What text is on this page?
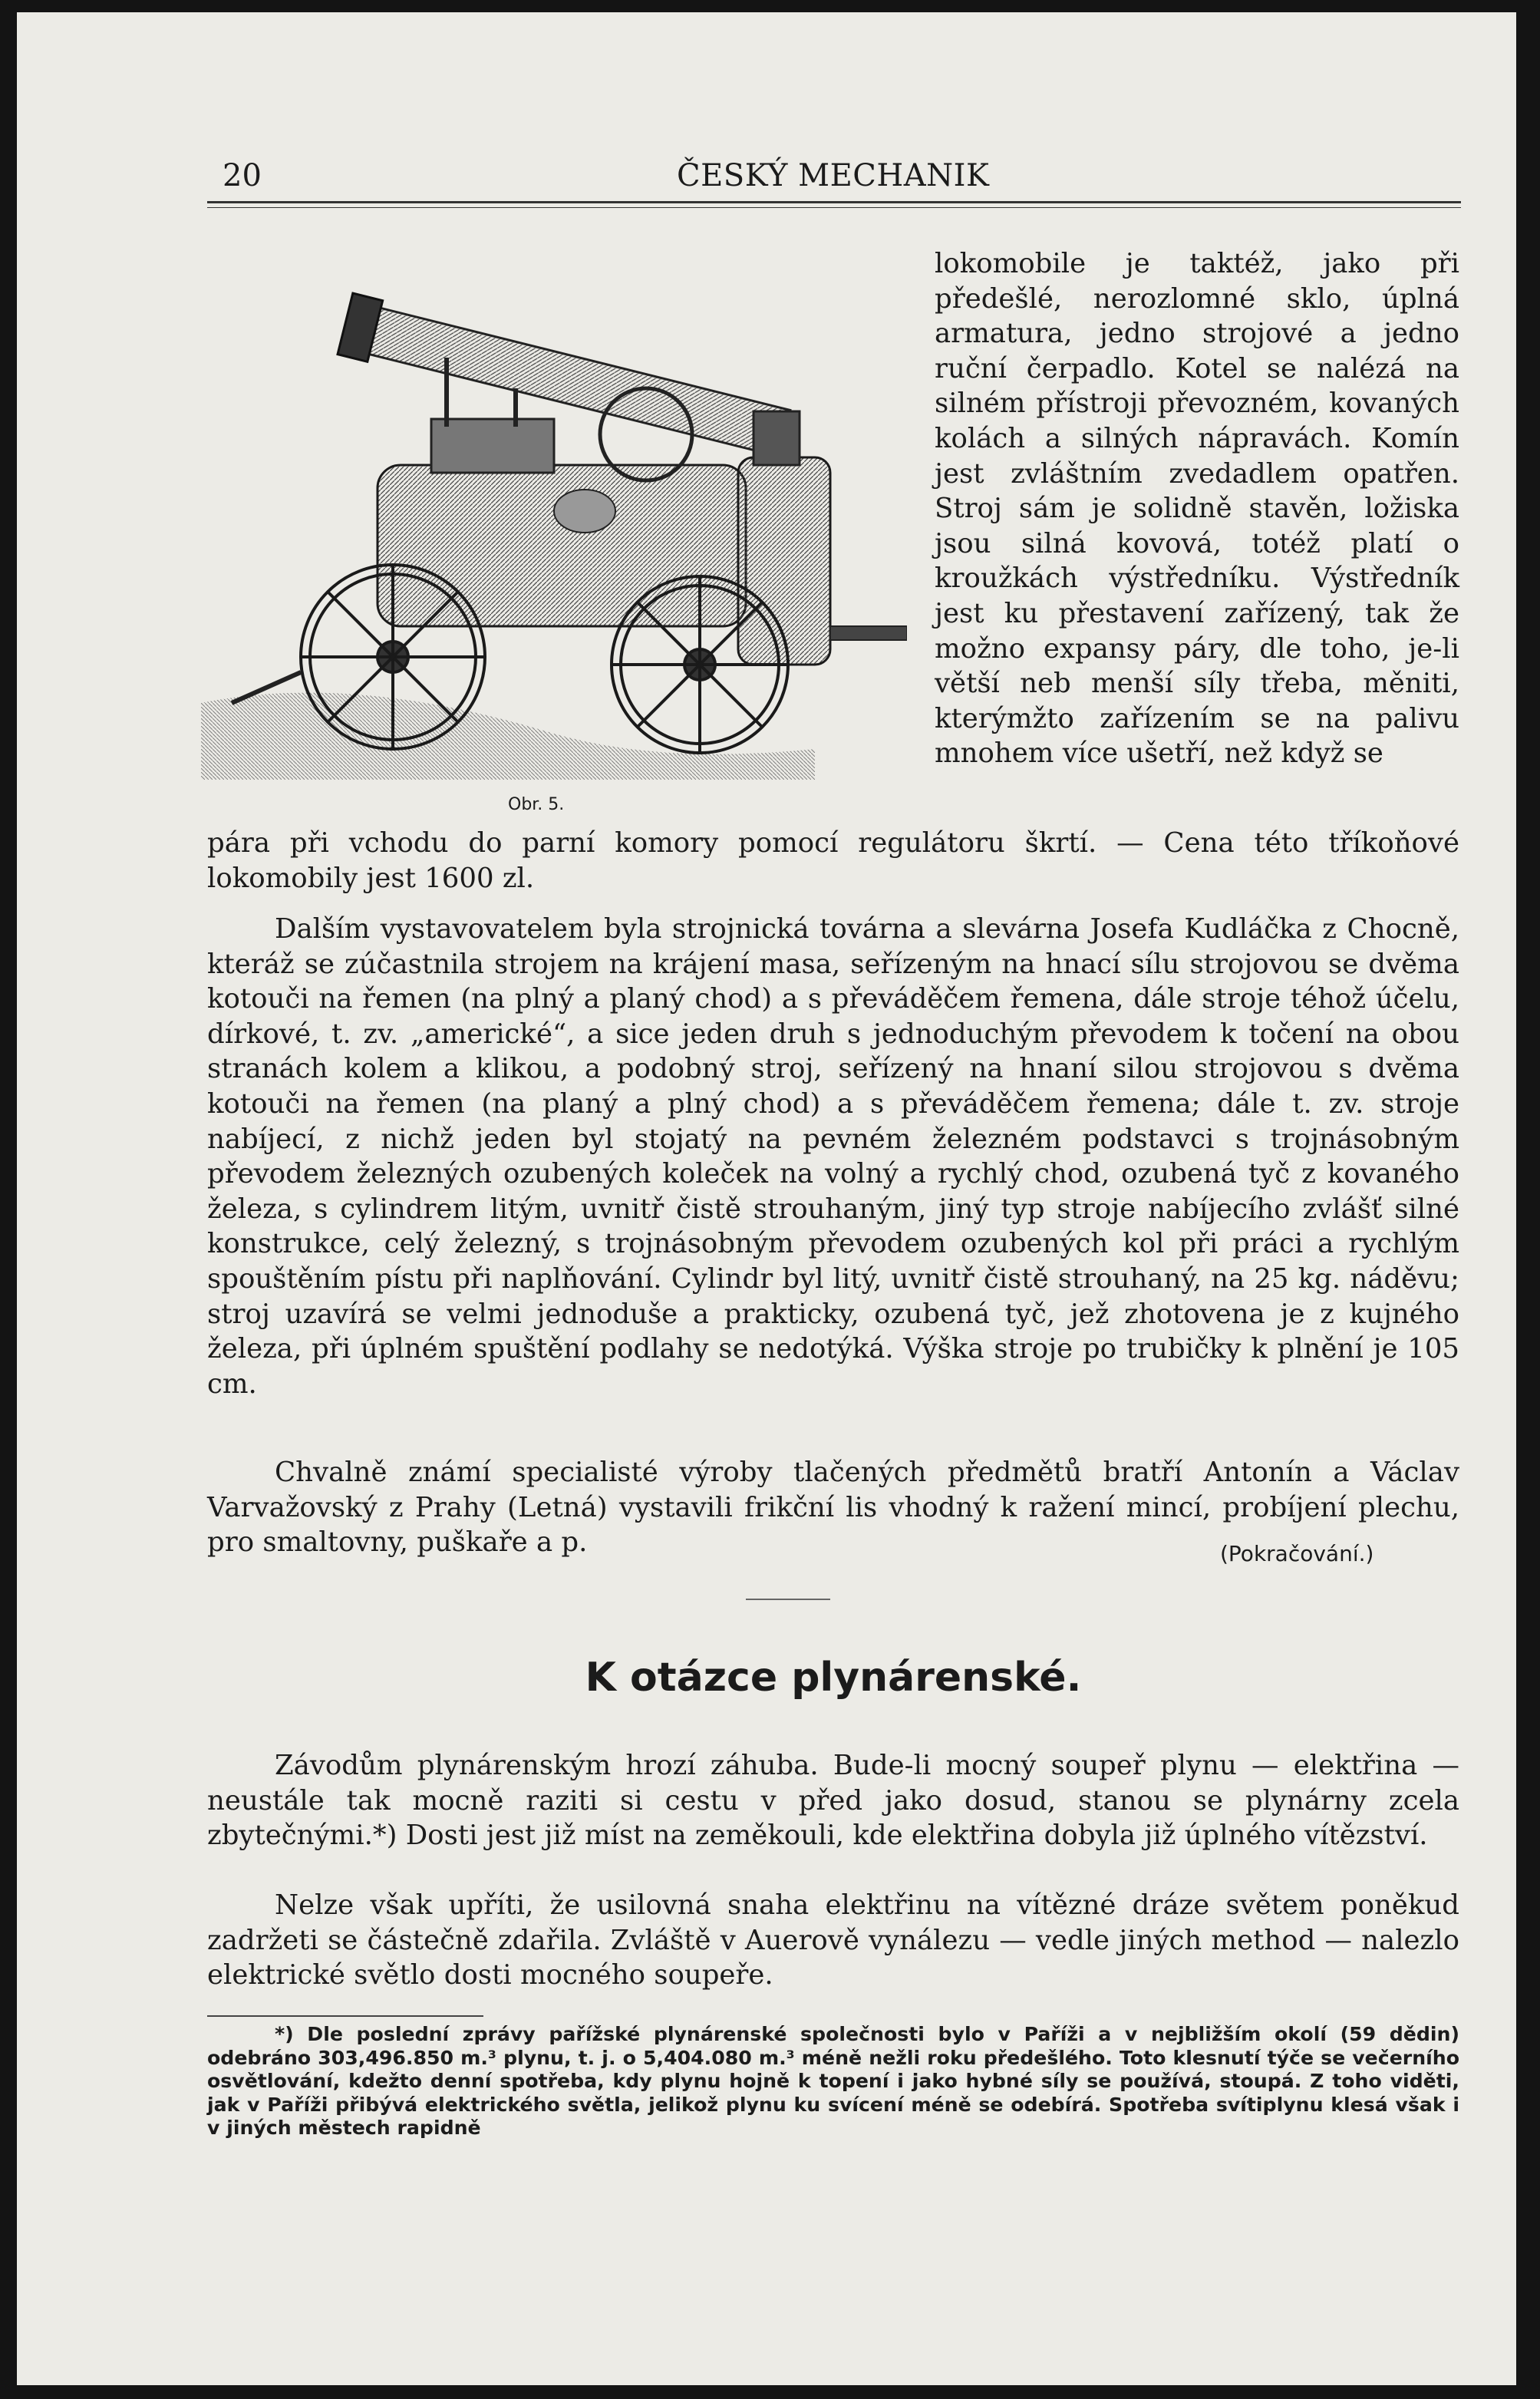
20	ČESKÝ MECHANIK
Obr. 5.

lokomobile je taktéž, jako při předešlé, nerozlomné sklo, úplná armatura, jedno strojové a jedno ruční čerpadlo. Kotel se nalézá na silném přístroji převozném, kovaných kolách a silných nápravách. Komín jest zvláštním zvedadlem opatřen. Stroj sám je solidně stavěn, ložiska jsou silná kovová, totéž platí o kroužkách výstředníku. Výstředník jest ku přestavení zařízený, tak že možno expansy páry, dle toho, je-li větší neb menší síly třeba, měniti, kterýmžto zařízením se na palivu mnohem více ušetří, než když se

pára při vchodu do parní komory pomocí regulátoru škrtí. — Cena této tříkoňové lokomobily jest 1600 zl.

Dalším vystavovatelem byla strojnická továrna a slevárna Josefa Kudláčka z Chocně, kteráž se zúčastnila strojem na krájení masa, seřízeným na hnací sílu strojovou se dvěma kotouči na řemen (na plný a planý chod) a s převáděčem řemena, dále stroje téhož účelu, dírkové, t. zv. „americké“, a sice jeden druh s jednoduchým převodem k točení na obou stranách kolem a klikou, a podobný stroj, seřízený na hnaní silou strojovou s dvěma kotouči na řemen (na planý a plný chod) a s převáděčem řemena; dále t. zv. stroje nabíjecí, z nichž jeden byl stojatý na pevném železném podstavci s trojnásobným převodem železných ozubených koleček na volný a rychlý chod, ozubená tyč z kovaného železa, s cylindrem litým, uvnitř čistě strouhaným, jiný typ stroje nabíjecího zvlášť silné konstrukce, celý železný, s trojnásobným převodem ozubených kol při práci a rychlým spouštěním pístu při naplňování. Cylindr byl litý, uvnitř čistě strouhaný, na 25 kg. náděvu; stroj uzavírá se velmi jednoduše a prakticky, ozubená tyč, jež zhotovena je z kujného železa, při úplném spuštění podlahy se nedotýká. Výška stroje po trubičky k plnění je 105 cm.

Chvalně známí specialisté výroby tlačených předmětů bratří Antonín a Václav Varvažovský z Prahy (Letná) vystavili frikční lis vhodný k ražení mincí, probíjení plechu, pro smaltovny, puškaře a p.	(Pokračování.)
K otázce plynárenské.

Závodům plynárenským hrozí záhuba. Bude-li mocný soupeř plynu — elektřina — neustále tak mocně raziti si cestu v před jako dosud, stanou se plynárny zcela zbytečnými.*) Dosti jest již míst na zeměkouli, kde elektřina dobyla již úplného vítězství.

Nelze však upříti, že usilovná snaha elektřinu na vítězné dráze světem poněkud zadržeti se částečně zdařila. Zvláště v Auerově vynálezu — vedle jiných method — nalezlo elektrické světlo dosti mocného soupeře.

*) Dle poslední zprávy pařížské plynárenské společnosti bylo v Paříži a v nejbližším okolí (59 dědin) odebráno 303,496.850 m.³ plynu, t. j. o 5,404.080 m.³ méně nežli roku předešlého. Toto klesnutí týče se večerního osvětlování, kdežto denní spotřeba, kdy plynu hojně k topení i jako hybné síly se používá, stoupá. Z toho viděti, jak v Paříži přibývá elektrického světla, jelikož plynu ku svícení méně se odebírá. Spotřeba svítiplynu klesá však i v jiných městech rapidně
